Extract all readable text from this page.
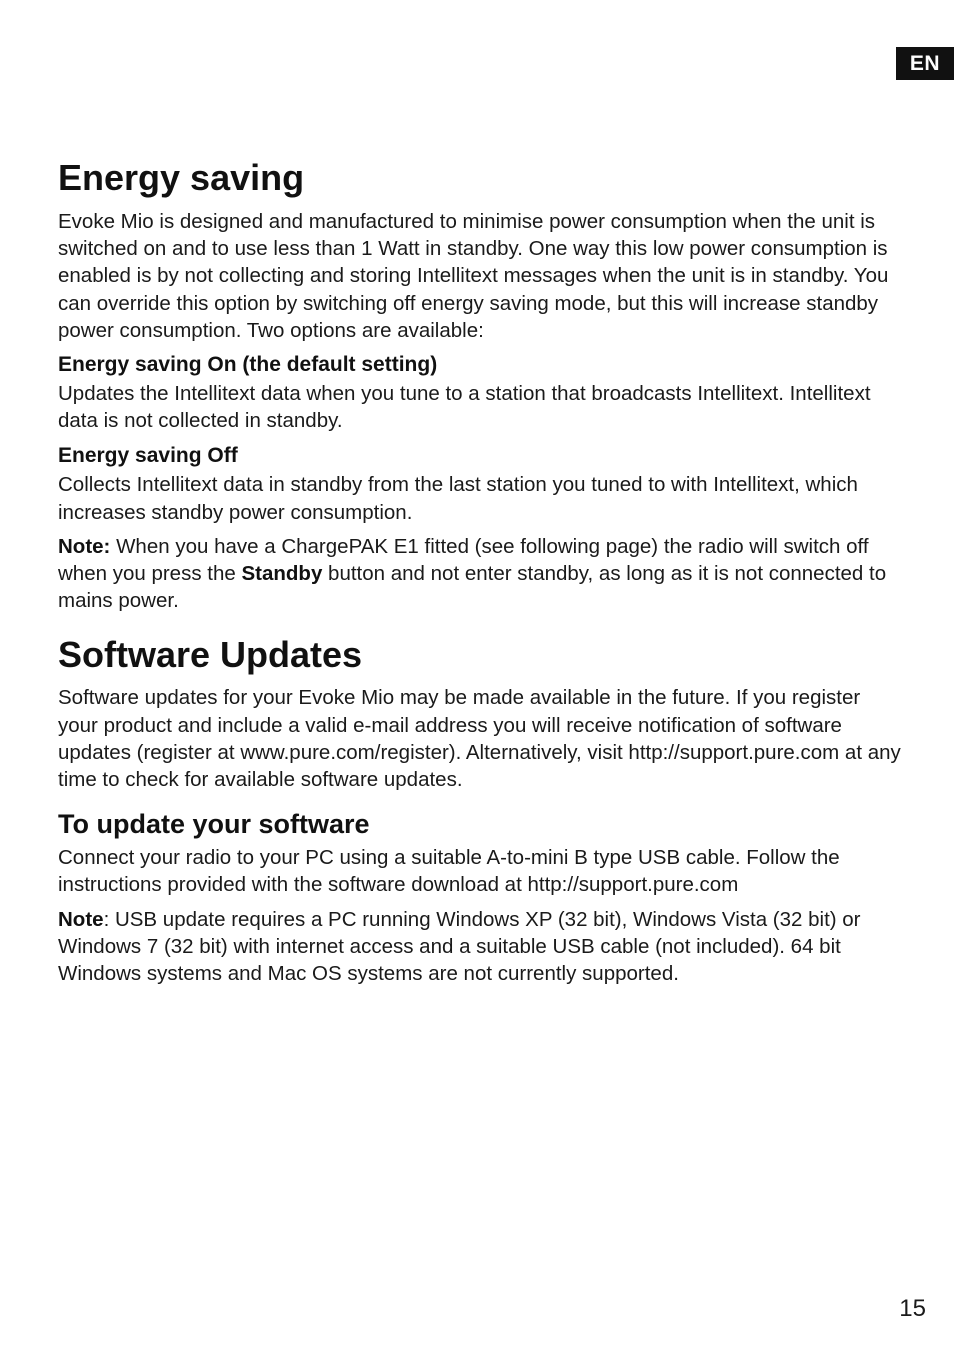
EN
Energy saving

Evoke Mio is designed and manufactured to minimise power consumption when the unit is switched on and to use less than 1 Watt in standby. One way this low power consumption is enabled is by not collecting and storing Intellitext messages when the unit is in standby. You can override this option by switching off energy saving mode, but this will increase standby power consumption. Two options are available:

Energy saving On (the default setting)

Updates the Intellitext data when you tune to a station that broadcasts Intellitext. Intellitext data is not collected in standby.

Energy saving Off

Collects Intellitext data in standby from the last station you tuned to with Intellitext, which increases standby power consumption.

Note: When you have a ChargePAK E1 fitted (see following page) the radio will switch off when you press the Standby button and not enter standby, as long as it is not connected to mains power.

Software Updates

Software updates for your Evoke Mio may be made available in the future. If you register your product and include a valid e-mail address you will receive notification of software updates (register at www.pure.com/register). Alternatively, visit http://support.pure.com at any time to check for available software updates.

To update your software

Connect your radio to your PC using a suitable A-to-mini B type USB cable. Follow the instructions provided with the software download at http://support.pure.com

Note: USB update requires a PC running Windows XP (32 bit), Windows Vista (32 bit) or Windows 7 (32 bit) with internet access and a suitable USB cable (not included). 64 bit Windows systems and Mac OS systems are not currently supported.

15
